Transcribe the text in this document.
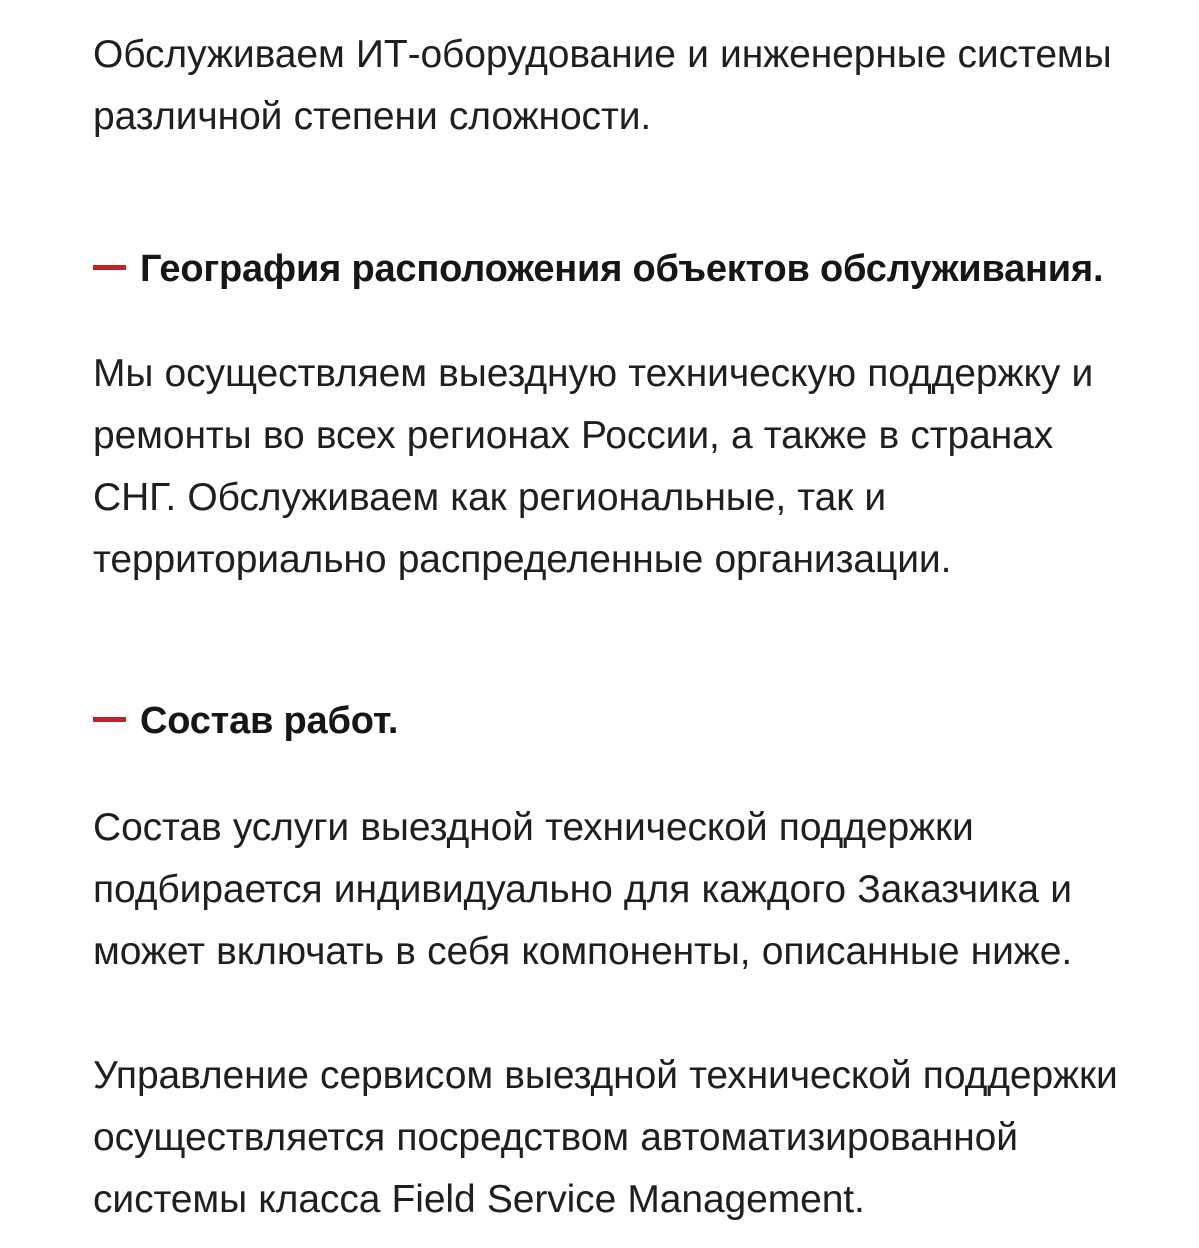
Обслуживаем ИТ-оборудование и инженерные системы различной степени сложности.

География расположения объектов обслуживания.

Мы осуществляем выездную техническую поддержку и ремонты во всех регионах России, а также в странах СНГ. Обслуживаем как региональные, так и территориально распределенные организации.

Состав работ.

Состав услуги выездной технической поддержки подбирается индивидуально для каждого Заказчика и может включать в себя компоненты, описанные ниже.

Управление сервисом выездной технической поддержки осуществляется посредством автоматизированной системы класса Field Service Management.
